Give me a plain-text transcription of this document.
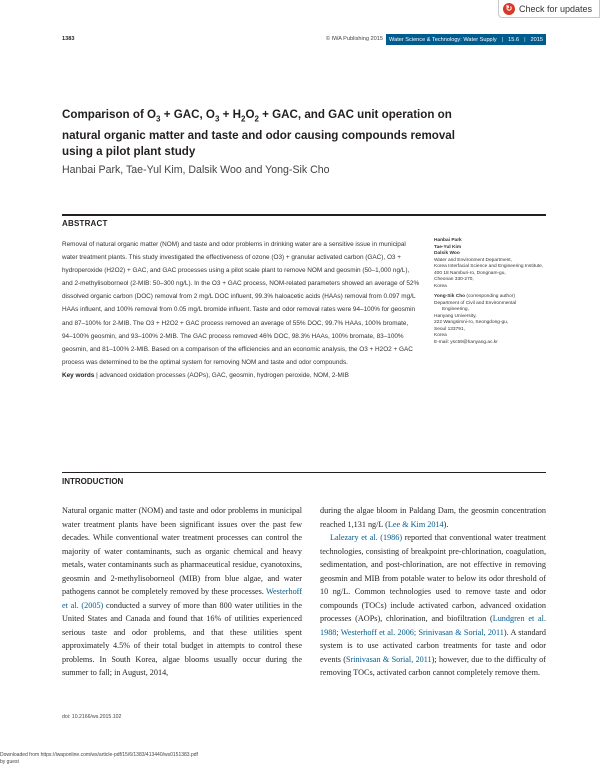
↻ Check for updates
1383	© IWA Publishing 2015 Water Science & Technology: Water Supply | 15.6 | 2015
Comparison of $O_3$ + GAC, $O_3 + H_2O_2$ + GAC, and GAC unit operation on natural organic matter and taste and odor causing compounds removal using a pilot plant study
Hanbai Park, Tae-Yul Kim, Dalsik Woo and Yong-Sik Cho
ABSTRACT
Removal of natural organic matter (NOM) and taste and odor problems in drinking water are a sensitive issue in municipal water treatment plants. This study investigated the effectiveness of ozone (O3) + granular activated carbon (GAC), O3 + hydroperoxide (H2O2) + GAC, and GAC processes using a pilot scale plant to remove NOM and geosmin (50–1,000 ng/L), and 2-methylisoborneol (2-MIB: 50–300 ng/L). In the O3 + GAC process, NOM-related parameters showed an average of 52% dissolved organic carbon (DOC) removal from 2 mg/L DOC influent, 99.3% haloacetic acids (HAAs) removal from 0.097 mg/L HAAs influent, and 100% removal from 0.05 mg/L bromide influent. Taste and odor removal rates were 94–100% for geosmin and 87–100% for 2-MIB. The O3 + H2O2 + GAC process removed an average of 55% DOC, 99.7% HAAs, 100% bromate, 94–100% geosmin, and 93–100% 2-MIB. The GAC process removed 46% DOC, 98.3% HAAs, 100% bromate, 83–100% geosmin, and 81–100% 2-MIB. Based on a comparison of the efficiencies and an economic analysis, the O3 + H2O2 + GAC process was determined to be the optimal system for removing NOM and taste and odor compounds.
Key words | advanced oxidation processes (AOPs), GAC, geosmin, hydrogen peroxide, NOM, 2-MIB
Hanbai Park
Tae-Yul Kim
Dalsik Woo
Water and Environment Department,
Korea Interfacial Science and Engineering Institute,
400 18 Namburi-ro, Dongnam-gu,
Cheonan 330-270,
Korea
Yong-Sik Cho (corresponding author)
Department of Civil and Environmental
Engineering,
Hanyang University,
222 Wangsimni-ro, Seongdong-gu,
Seoul 133791,
Korea
E-mail: ysc59@hanyang.ac.kr
INTRODUCTION

Natural organic matter (NOM) and taste and odor problems in municipal water treatment plants have been significant issues over the past few decades. While conventional water treatment processes can control the majority of water contaminants, such as organic chemical and heavy metals, water contaminants such as pharmaceutical residue, cyanotoxins, geosmin and 2-methylisoborneol (MIB) from blue algae, and water pathogens cannot be completely removed by these processes. Westerhoff et al. (2005) conducted a survey of more than 800 water utilities in the United States and Canada and found that 16% of utilities experienced serious taste and odor problems, and that these utilities spent approximately 4.5% of their total budget in attempts to control these problems. In South Korea, algae blooms usually occur during the summer to fall; in August, 2014,

during the algae bloom in Paldang Dam, the geosmin concentration reached 1,131 ng/L (Lee & Kim 2014).

Lalezary et al. (1986) reported that conventional water treatment technologies, consisting of breakpoint pre-chlorination, coagulation, sedimentation, and post-chlorination, are not effective in removing geosmin and MIB from potable water to below its odor threshold of 10 ng/L. Common technologies used to remove taste and odor compounds (TOCs) include activated carbon, advanced oxidation processes (AOPs), chlorination, and biofiltration (Lundgren et al. 1988; Westerhoff et al. 2006; Srinivasan & Sorial, 2011). A standard system is to use activated carbon treatments for taste and odor events (Srinivasan & Sorial, 2011); however, due to the difficulty of removing TOCs, activated carbon cannot completely remove them.

doi: 10.2166/ws.2015.102
Downloaded from https://iwaponline.com/ws/article-pdf/15/6/1383/413440/ws0151383.pdf
by guest
